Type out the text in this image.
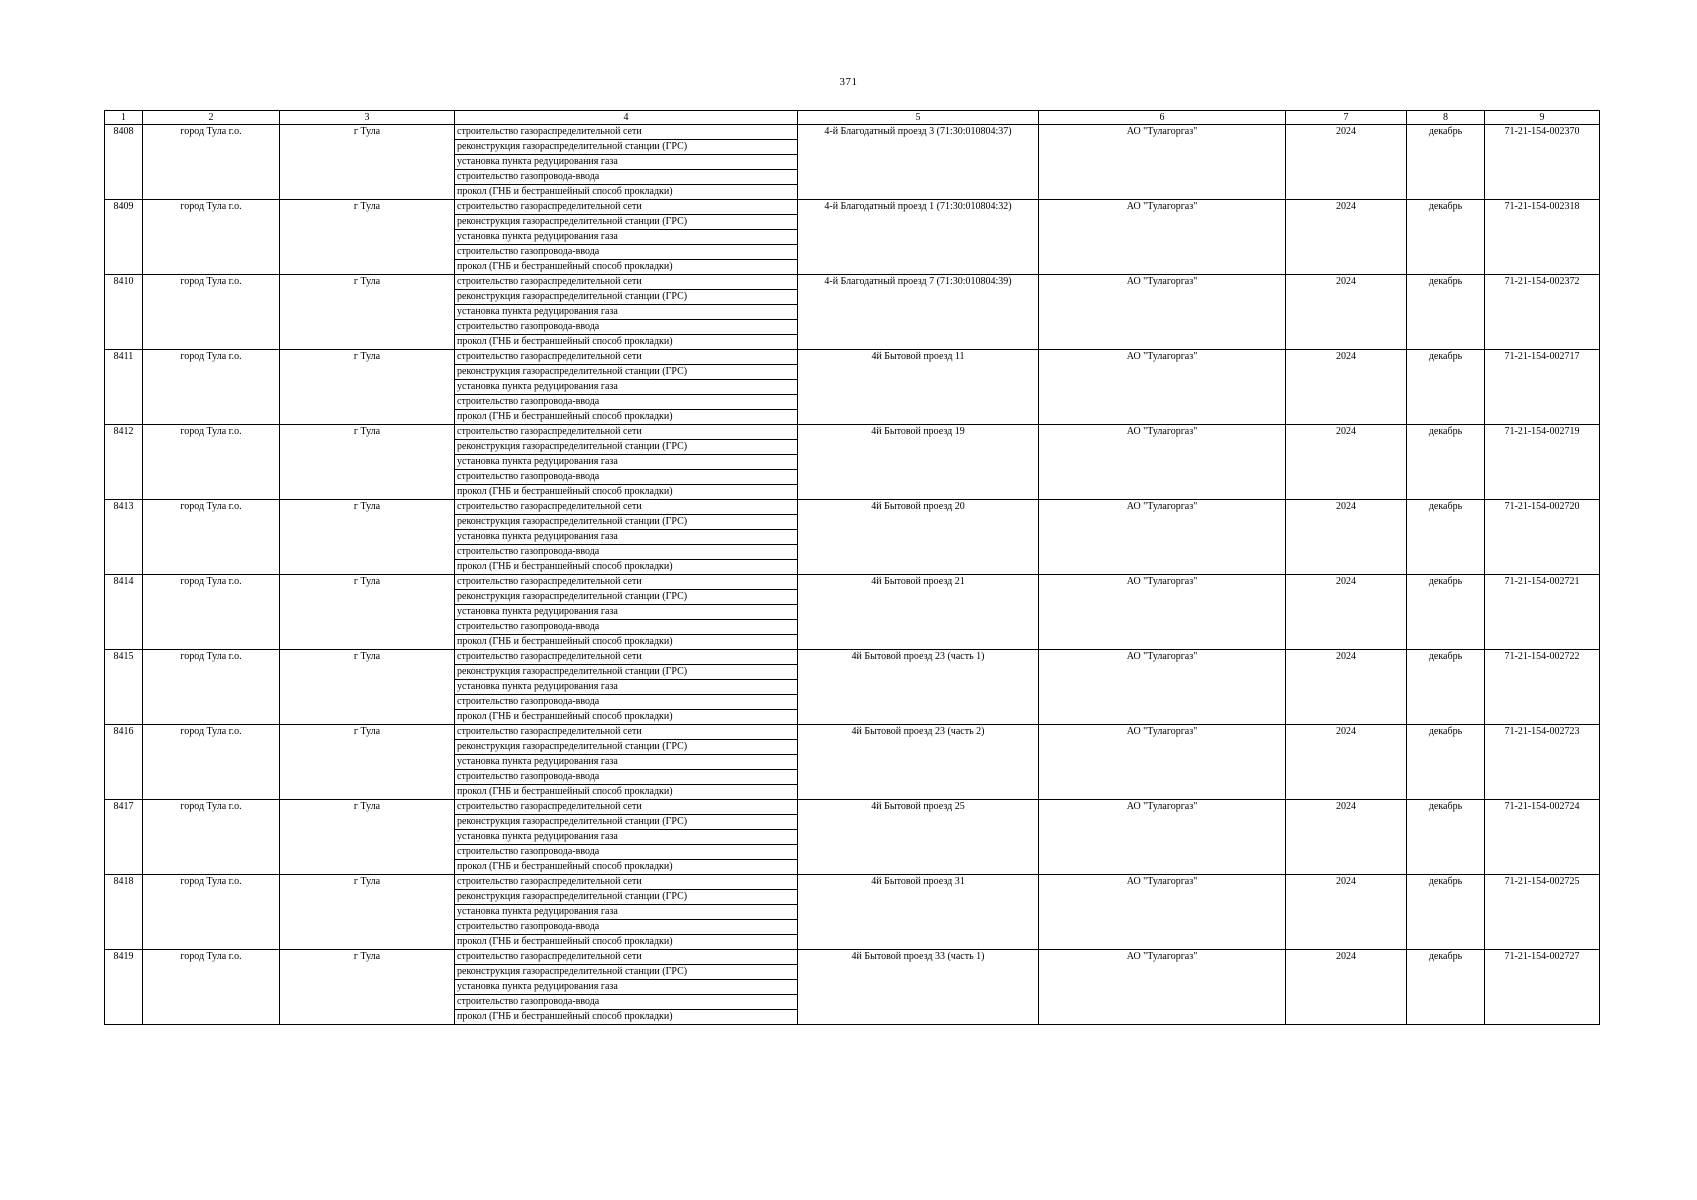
371
1	2	3	4	5	6	7	8	9
8408	город Тула г.о.	г Тула	строительство газораспределительной сети	4-й Благодатный проезд 3 (71:30:010804:37)	АО "Тулагоргаз"	2024	декабрь	71-21-154-002370
			реконструкция газораспределительной станции (ГРС)					
			установка пункта редуцирования газа					
			строительство газопровода-ввода					
			прокол (ГНБ и бестраншейный способ прокладки)					
8409	город Тула г.о.	г Тула	строительство газораспределительной сети	4-й Благодатный проезд 1 (71:30:010804:32)	АО "Тулагоргаз"	2024	декабрь	71-21-154-002318
			реконструкция газораспределительной станции (ГРС)					
			установка пункта редуцирования газа					
			строительство газопровода-ввода					
			прокол (ГНБ и бестраншейный способ прокладки)					
8410	город Тула г.о.	г Тула	строительство газораспределительной сети	4-й Благодатный проезд 7 (71:30:010804:39)	АО "Тулагоргаз"	2024	декабрь	71-21-154-002372
			реконструкция газораспределительной станции (ГРС)					
			установка пункта редуцирования газа					
			строительство газопровода-ввода					
			прокол (ГНБ и бестраншейный способ прокладки)					
8411	город Тула г.о.	г Тула	строительство газораспределительной сети	4й Бытовой проезд 11	АО "Тулагоргаз"	2024	декабрь	71-21-154-002717
			реконструкция газораспределительной станции (ГРС)					
			установка пункта редуцирования газа					
			строительство газопровода-ввода					
			прокол (ГНБ и бестраншейный способ прокладки)					
8412	город Тула г.о.	г Тула	строительство газораспределительной сети	4й Бытовой проезд 19	АО "Тулагоргаз"	2024	декабрь	71-21-154-002719
			реконструкция газораспределительной станции (ГРС)					
			установка пункта редуцирования газа					
			строительство газопровода-ввода					
			прокол (ГНБ и бестраншейный способ прокладки)					
8413	город Тула г.о.	г Тула	строительство газораспределительной сети	4й Бытовой проезд 20	АО "Тулагоргаз"	2024	декабрь	71-21-154-002720
			реконструкция газораспределительной станции (ГРС)					
			установка пункта редуцирования газа					
			строительство газопровода-ввода					
			прокол (ГНБ и бестраншейный способ прокладки)					
8414	город Тула г.о.	г Тула	строительство газораспределительной сети	4й Бытовой проезд 21	АО "Тулагоргаз"	2024	декабрь	71-21-154-002721
			реконструкция газораспределительной станции (ГРС)					
			установка пункта редуцирования газа					
			строительство газопровода-ввода					
			прокол (ГНБ и бестраншейный способ прокладки)					
8415	город Тула г.о.	г Тула	строительство газораспределительной сети	4й Бытовой проезд 23 (часть 1)	АО "Тулагоргаз"	2024	декабрь	71-21-154-002722
			реконструкция газораспределительной станции (ГРС)					
			установка пункта редуцирования газа					
			строительство газопровода-ввода					
			прокол (ГНБ и бестраншейный способ прокладки)					
8416	город Тула г.о.	г Тула	строительство газораспределительной сети	4й Бытовой проезд 23 (часть 2)	АО "Тулагоргаз"	2024	декабрь	71-21-154-002723
			реконструкция газораспределительной станции (ГРС)					
			установка пункта редуцирования газа					
			строительство газопровода-ввода					
			прокол (ГНБ и бестраншейный способ прокладки)					
8417	город Тула г.о.	г Тула	строительство газораспределительной сети	4й Бытовой проезд 25	АО "Тулагоргаз"	2024	декабрь	71-21-154-002724
			реконструкция газораспределительной станции (ГРС)					
			установка пункта редуцирования газа					
			строительство газопровода-ввода					
			прокол (ГНБ и бестраншейный способ прокладки)					
8418	город Тула г.о.	г Тула	строительство газораспределительной сети	4й Бытовой проезд 31	АО "Тулагоргаз"	2024	декабрь	71-21-154-002725
			реконструкция газораспределительной станции (ГРС)					
			установка пункта редуцирования газа					
			строительство газопровода-ввода					
			прокол (ГНБ и бестраншейный способ прокладки)					
8419	город Тула г.о.	г Тула	строительство газораспределительной сети	4й Бытовой проезд 33 (часть 1)	АО "Тулагоргаз"	2024	декабрь	71-21-154-002727
			реконструкция газораспределительной станции (ГРС)					
			установка пункта редуцирования газа					
			строительство газопровода-ввода					
			прокол (ГНБ и бестраншейный способ прокладки)					
